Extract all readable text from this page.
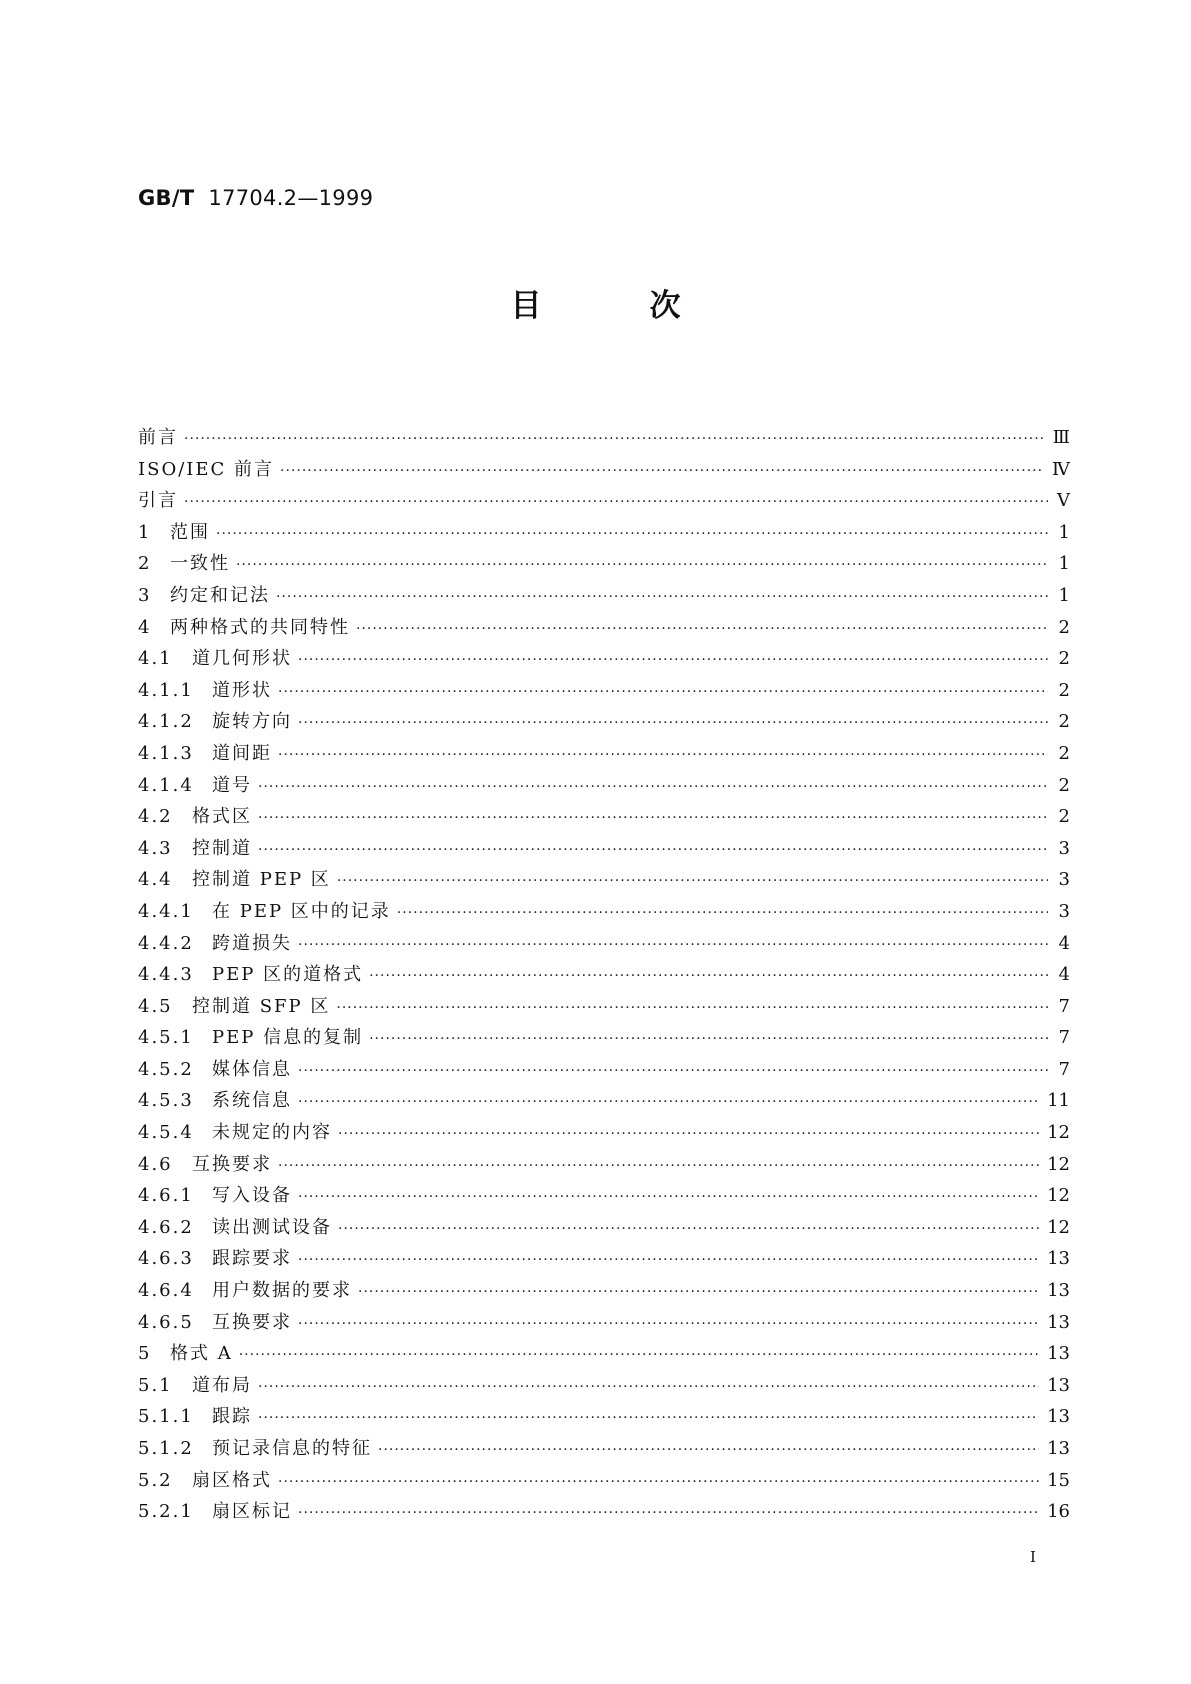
GB/T 17704.2—1999
目	次
前言 ·····	Ⅲ
ISO/IEC 前言 ·····	Ⅳ
引言 ·····	Ⅴ
1	范围 ·····	1
2	一致性 ·····	1
3	约定和记法 ·····	1
4	两种格式的共同特性 ·····	2
4.1	道几何形状 ·····	2
4.1.1	道形状 ·····	2
4.1.2	旋转方向 ·····	2
4.1.3	道间距 ·····	2
4.1.4	道号 ·····	2
4.2	格式区 ·····	2
4.3	控制道 ·····	3
4.4	控制道 PEP 区 ·····	3
4.4.1	在 PEP 区中的记录 ·····	3
4.4.2	跨道损失 ·····	4
4.4.3	PEP 区的道格式 ·····	4
4.5	控制道 SFP 区 ·····	7
4.5.1	PEP 信息的复制 ·····	7
4.5.2	媒体信息 ·····	7
4.5.3	系统信息 ·····	11
4.5.4	未规定的内容 ·····	12
4.6	互换要求 ·····	12
4.6.1	写入设备 ·····	12
4.6.2	读出测试设备 ·····	12
4.6.3	跟踪要求 ·····	13
4.6.4	用户数据的要求 ·····	13
4.6.5	互换要求 ·····	13
5	格式 A ·····	13
5.1	道布局 ·····	13
5.1.1	跟踪 ·····	13
5.1.2	预记录信息的特征 ·····	13
5.2	扇区格式 ·····	15
5.2.1	扇区标记 ·····	16
I
